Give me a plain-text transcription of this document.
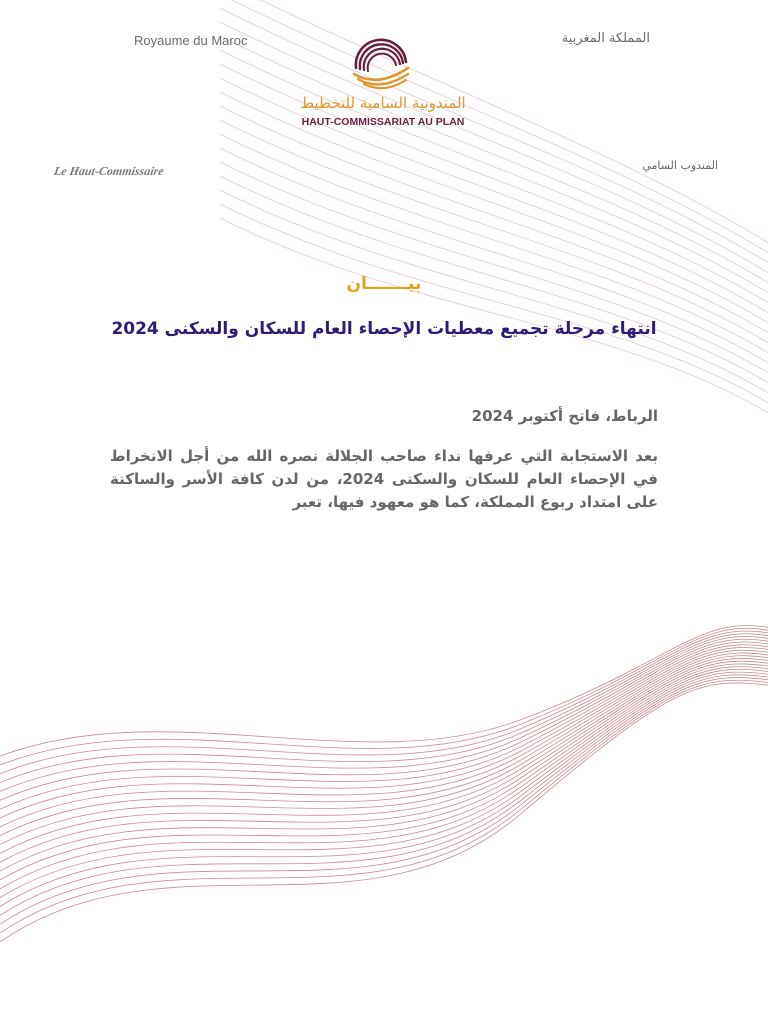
Royaume du Maroc	المملكة المغربية
المندوبية السامية للتخطيط
HAUT-COMMISSARIAT AU PLAN
Le Haut-Commissaire	المندوب السامي
بيـــــــان
انتهاء مرحلة تجميع معطيات الإحصاء العام للسكان والسكنى 2024
الرباط، فاتح أكتوبر 2024

بعد الاستجابة التي عرفها نداء صاحب الجلالة نصره الله من أجل الانخراط في الإحصاء العام للسكان والسكنى 2024، من لدن كافة الأسر والساكنة على امتداد ربوع المملكة، كما هو معهود فيها، تعبر
